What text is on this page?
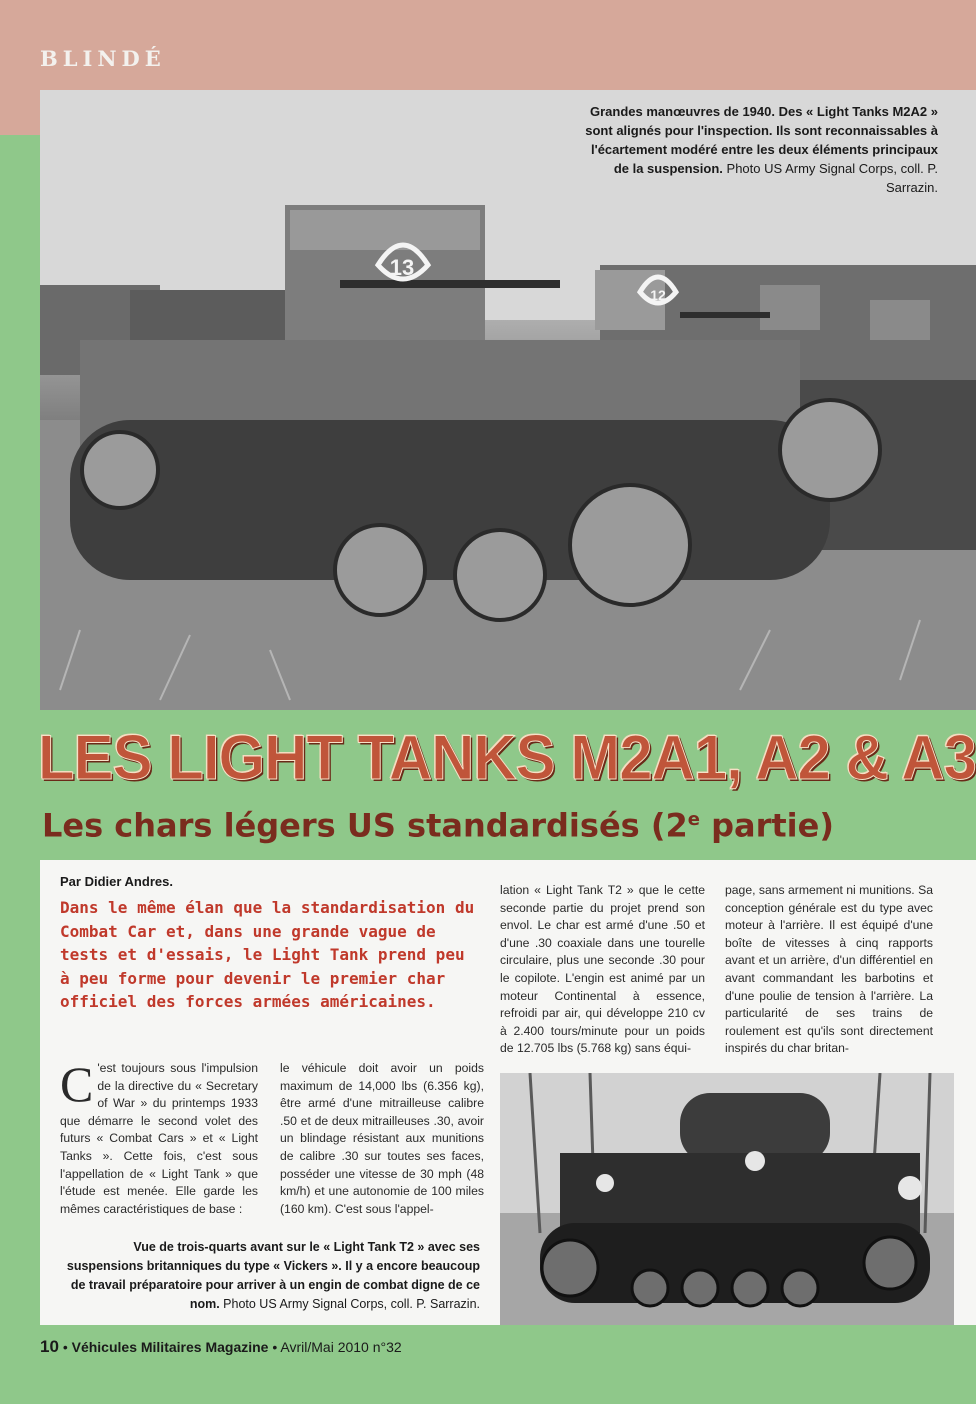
BLINDÉ
13
12
Grandes manœuvres de 1940. Des « Light Tanks M2A2 » sont alignés pour l'inspection. Ils sont reconnaissables à l'écartement modéré entre les deux éléments principaux de la suspension. Photo US Army Signal Corps, coll. P. Sarrazin.
LES LIGHT TANKS M2A1, A2 & A3
Les chars légers US standardisés (2e partie)
Par Didier Andres.
Dans le même élan que la standardisation du Combat Car et, dans une grande vague de tests et d'essais, le Light Tank prend peu à peu forme pour devenir le premier char officiel des forces armées américaines.
C 'est toujours sous l'impulsion de la directive du « Secretary of War » du printemps 1933 que démarre le second volet des futurs « Combat Cars » et « Light Tanks ». Cette fois, c'est sous l'appellation de « Light Tank » que l'étude est menée. Elle garde les mêmes caractéristiques de base :
le véhicule doit avoir un poids maximum de 14,000 lbs (6.356 kg), être armé d'une mitrailleuse calibre .50 et de deux mitrailleuses .30, avoir un blindage résistant aux munitions de calibre .30 sur toutes ses faces, posséder une vitesse de 30 mph (48 km/h) et une autonomie de 100 miles (160 km). C'est sous l'appel-
lation « Light Tank T2 » que le cette seconde partie du projet prend son envol. Le char est armé d'une .50 et d'une .30 coaxiale dans une tourelle circulaire, plus une seconde .30 pour le copilote. L'engin est animé par un moteur Continental à essence, refroidi par air, qui développe 210 cv à 2.400 tours/minute pour un poids de 12.705 lbs (5.768 kg) sans équi-
page, sans armement ni munitions. Sa conception générale est du type avec moteur à l'arrière. Il est équipé d'une boîte de vitesses à cinq rapports avant et un arrière, d'un différentiel en avant commandant les barbotins et d'une poulie de tension à l'arrière. La particularité de ses trains de roulement est qu'ils sont directement inspirés du char britan-
Vue de trois-quarts avant sur le « Light Tank T2 » avec ses suspensions britanniques du type « Vickers ». Il y a encore beaucoup de travail préparatoire pour arriver à un engin de combat digne de ce nom. Photo US Army Signal Corps, coll. P. Sarrazin.
10 • Véhicules Militaires Magazine • Avril/Mai 2010 n°32
